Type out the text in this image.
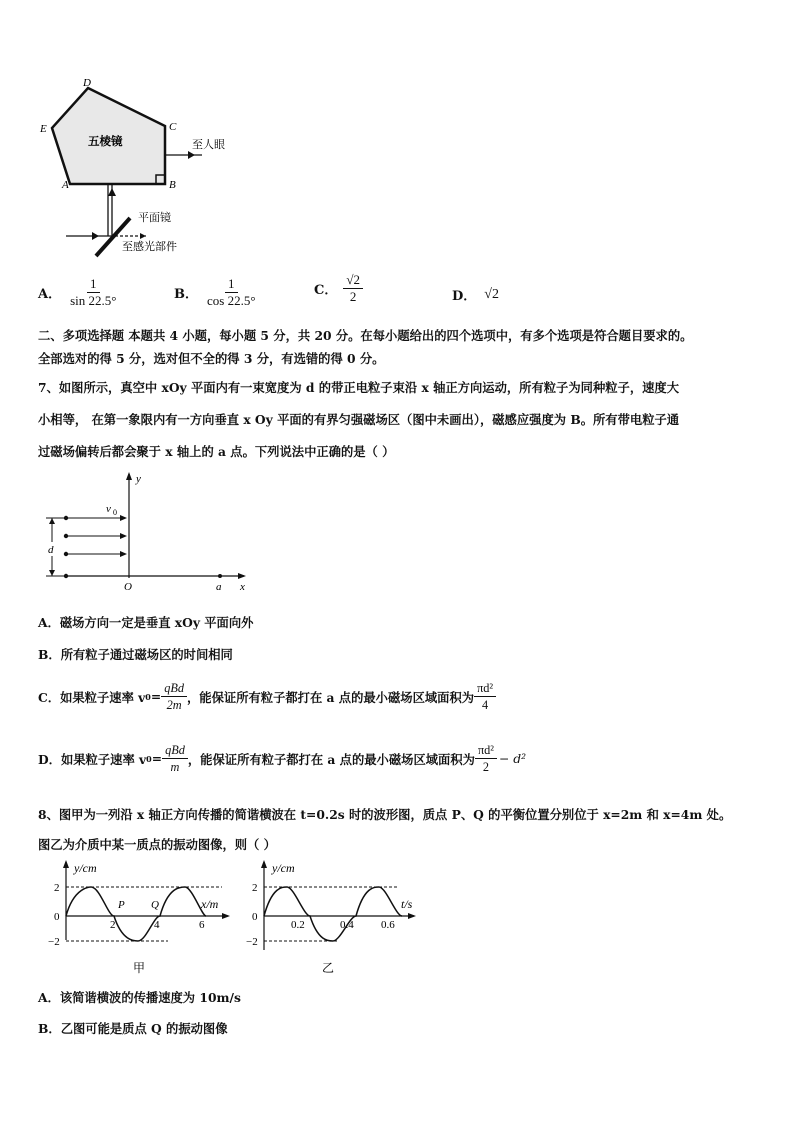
D
E	C
A	B
五棱镜	至人眼
平面镜
至感光部件
A． $\frac{1}{\sin 22.5^\circ}$	B． $\frac{1}{\cos 22.5^\circ}$	C． $\frac{√2}{2}$	D． √2
二、多项选择题 本题共 4 小题，每小题 5 分，共 20 分。在每小题给出的四个选项中，有多个选项是符合题目要求的。
全部选对的得 5 分，选对但不全的得 3 分，有选错的得 0 分。
7、如图所示，真空中 xOy 平面内有一束宽度为 d 的带正电粒子束沿 x 轴正方向运动，所有粒子为同种粒子，速度大
小相等， 在第一象限内有一方向垂直 x Oy 平面的有界匀强磁场区（图中未画出），磁感应强度为 B。所有带电粒子通
过磁场偏转后都会聚于 x 轴上的 a 点。下列说法中正确的是（ ）
y
x
O	a
v 0
d
A．磁场方向一定是垂直 xOy 平面向外
B．所有粒子通过磁场区的时间相同
C．如果粒子速率 v $0 = \frac{\text{qBd}}{2m}$ ，能保证所有粒子都打在 a 点的最小磁场区域面积为 $\frac{\text{πd²}}{4}$
D．如果粒子速率 v $0 = \frac{\text{qBd}}{m}$ ，能保证所有粒子都打在 a 点的最小磁场区域面积为 $\frac{\text{πd²}}{2} - d^2$
8、图甲为一列沿 x 轴正方向传播的简谐横波在 t=0.2s 时的波形图，质点 P、Q 的平衡位置分别位于 x=2m 和 x=4m 处。
图乙为介质中某一质点的振动图像，则（ ）
y/cm
x/m
2
−2
0
2	4	6
P Q
甲
y/cm
t/s
2
−2
0
0.2	0.4 0.6
乙
A．该简谐横波的传播速度为 10m/s
B．乙图可能是质点 Q 的振动图像
